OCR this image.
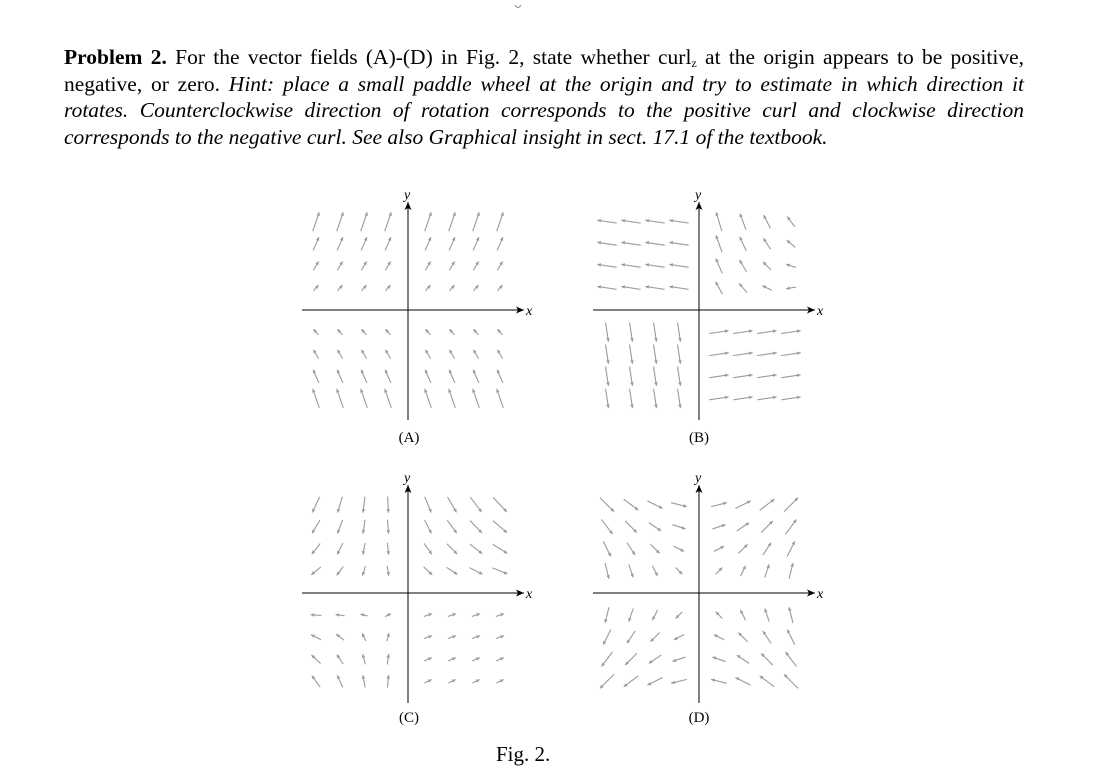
Problem 2. For the vector fields (A)-(D) in Fig. 2, state whether curl$_z$ at the origin appears to be positive, negative, or zero. Hint: place a small paddle wheel at the origin and try to estimate in which direction it rotates. Counterclockwise direction of rotation corresponds to the positive curl and clockwise direction corresponds to the negative curl. See also Graphical insight in sect. 17.1 of the textbook.
x
y
(A)
x
y
(B)
x
y
(C)
x
y
(D)
Fig. 2.
